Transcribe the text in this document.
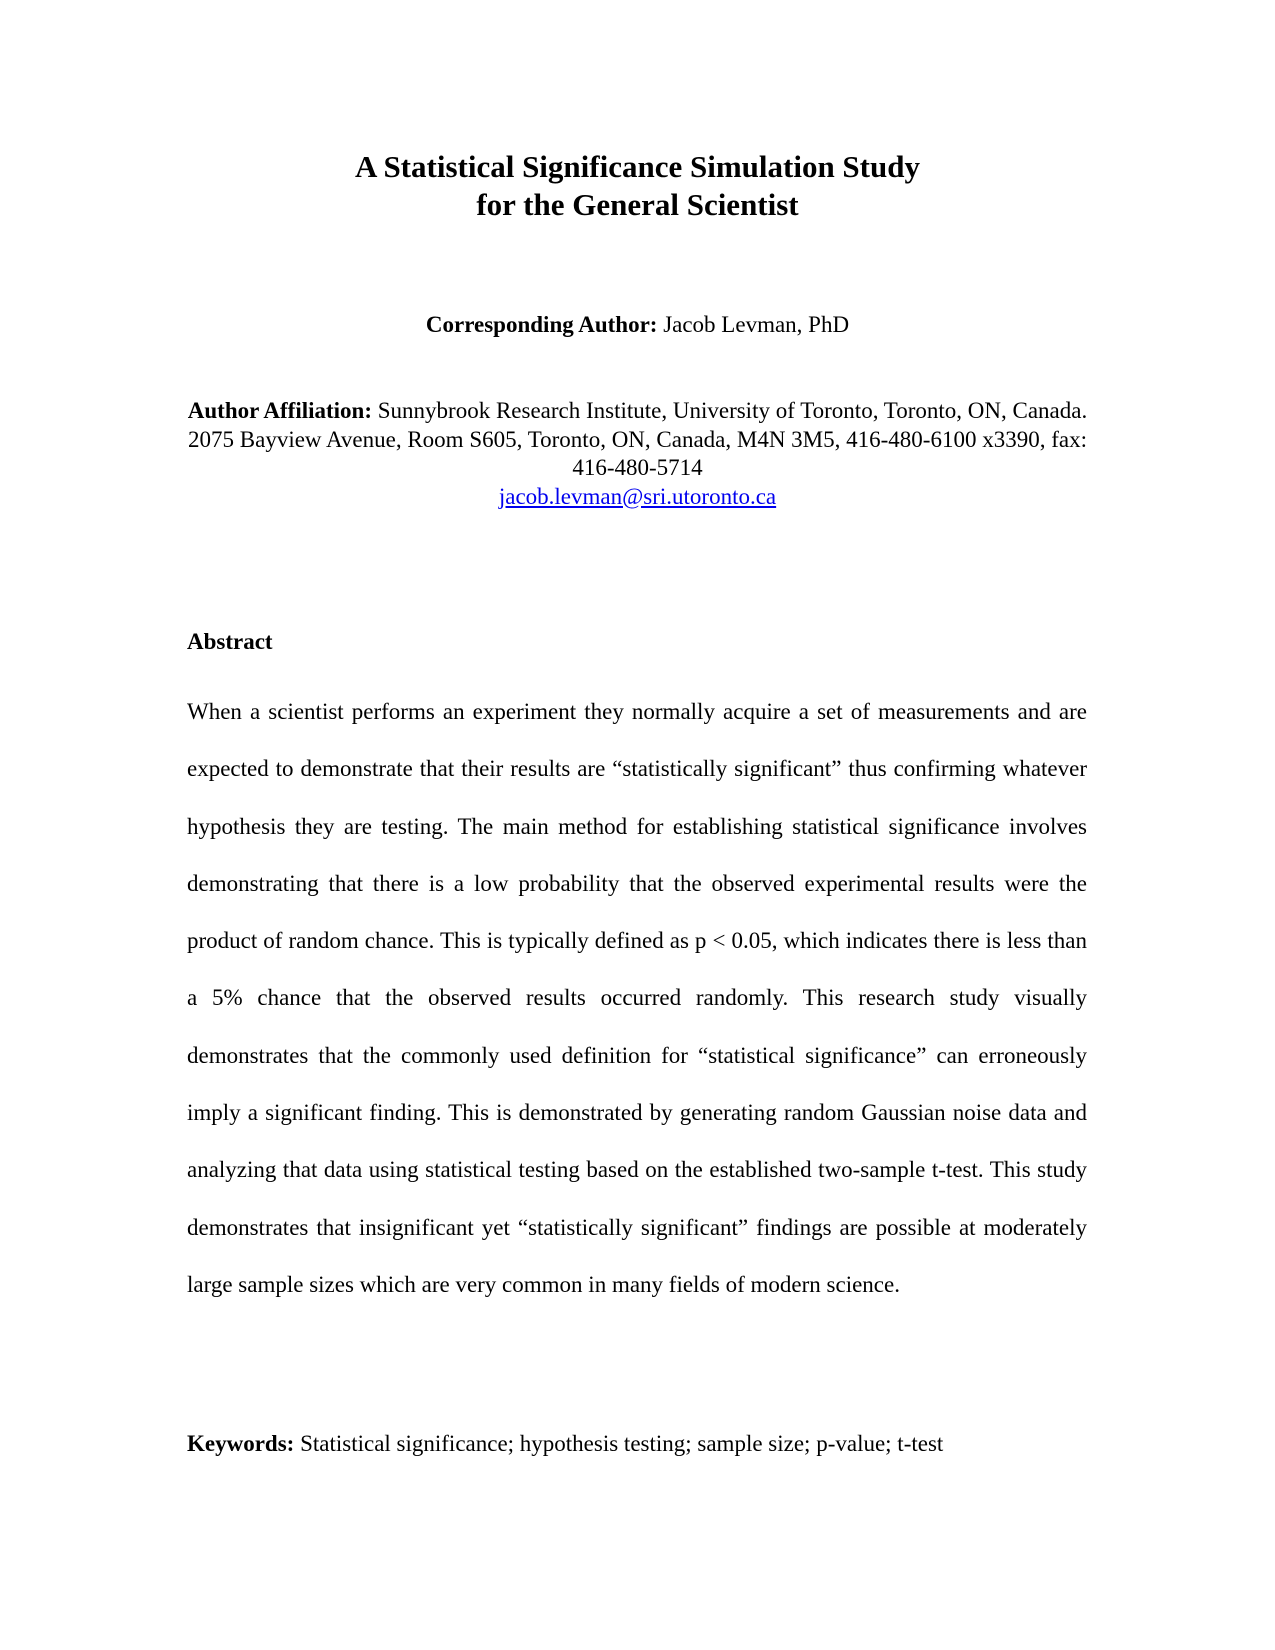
A Statistical Significance Simulation Study
for the General Scientist
Corresponding Author: Jacob Levman, PhD
Author Affiliation: Sunnybrook Research Institute, University of Toronto, Toronto, ON, Canada. 2075 Bayview Avenue, Room S605, Toronto, ON, Canada, M4N 3M5, 416-480-6100 x3390, fax: 416-480-5714
jacob.levman@sri.utoronto.ca
Abstract

When a scientist performs an experiment they normally acquire a set of measurements and are expected to demonstrate that their results are “statistically significant” thus confirming whatever hypothesis they are testing. The main method for establishing statistical significance involves demonstrating that there is a low probability that the observed experimental results were the product of random chance. This is typically defined as p < 0.05, which indicates there is less than a 5% chance that the observed results occurred randomly. This research study visually demonstrates that the commonly used definition for “statistical significance” can erroneously imply a significant finding. This is demonstrated by generating random Gaussian noise data and analyzing that data using statistical testing based on the established two-sample t-test. This study demonstrates that insignificant yet “statistically significant” findings are possible at moderately large sample sizes which are very common in many fields of modern science.

Keywords: Statistical significance; hypothesis testing; sample size; p-value; t-test
